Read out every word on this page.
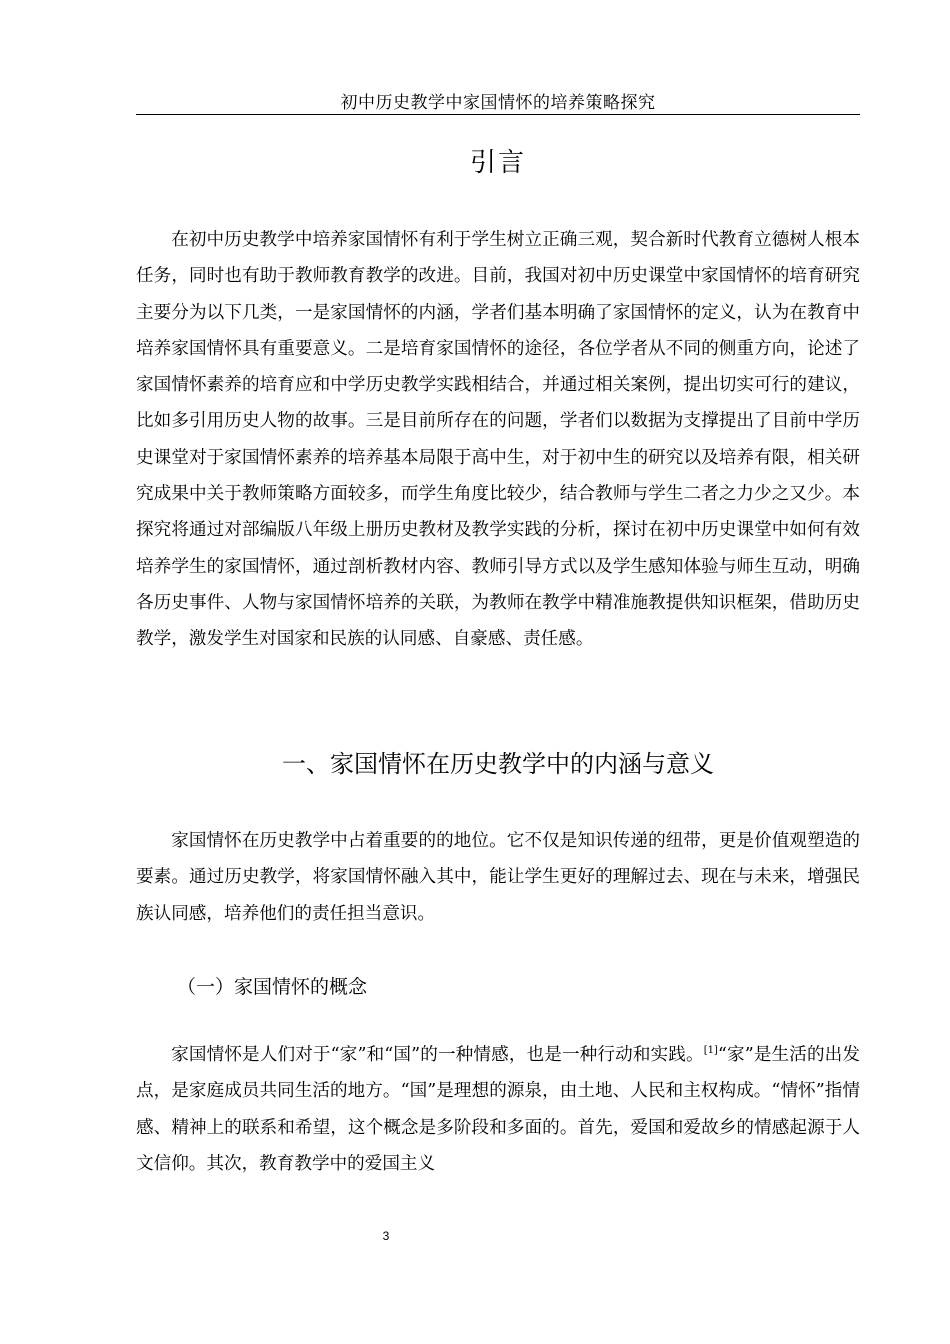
初中历史教学中家国情怀的培养策略探究
引言

在初中历史教学中培养家国情怀有利于学生树立正确三观，契合新时代教育立德树人根本任务，同时也有助于教师教育教学的改进。目前，我国对初中历史课堂中家国情怀的培育研究主要分为以下几类，一是家国情怀的内涵，学者们基本明确了家国情怀的定义，认为在教育中培养家国情怀具有重要意义。二是培育家国情怀的途径，各位学者从不同的侧重方向，论述了家国情怀素养的培育应和中学历史教学实践相结合，并通过相关案例，提出切实可行的建议，比如多引用历史人物的故事。三是目前所存在的问题，学者们以数据为支撑提出了目前中学历史课堂对于家国情怀素养的培养基本局限于高中生，对于初中生的研究以及培养有限，相关研究成果中关于教师策略方面较多，而学生角度比较少，结合教师与学生二者之力少之又少。本探究将通过对部编版八年级上册历史教材及教学实践的分析，探讨在初中历史课堂中如何有效培养学生的家国情怀，通过剖析教材内容、教师引导方式以及学生感知体验与师生互动，明确各历史事件、人物与家国情怀培养的关联，为教师在教学中精准施教提供知识框架，借助历史教学，激发学生对国家和民族的认同感、自豪感、责任感。

一、家国情怀在历史教学中的内涵与意义

家国情怀在历史教学中占着重要的的地位。它不仅是知识传递的纽带，更是价值观塑造的要素。通过历史教学，将家国情怀融入其中，能让学生更好的理解过去、现在与未来，增强民族认同感，培养他们的责任担当意识。

（一）家国情怀的概念

家国情怀是人们对于“家”和“国”的一种情感，也是一种行动和实践。[1]“家”是生活的出发点，是家庭成员共同生活的地方。“国”是理想的源泉，由土地、人民和主权构成。“情怀”指情感、精神上的联系和希望，这个概念是多阶段和多面的。首先，爱国和爱故乡的情感起源于人文信仰。其次，教育教学中的爱国主义

3
